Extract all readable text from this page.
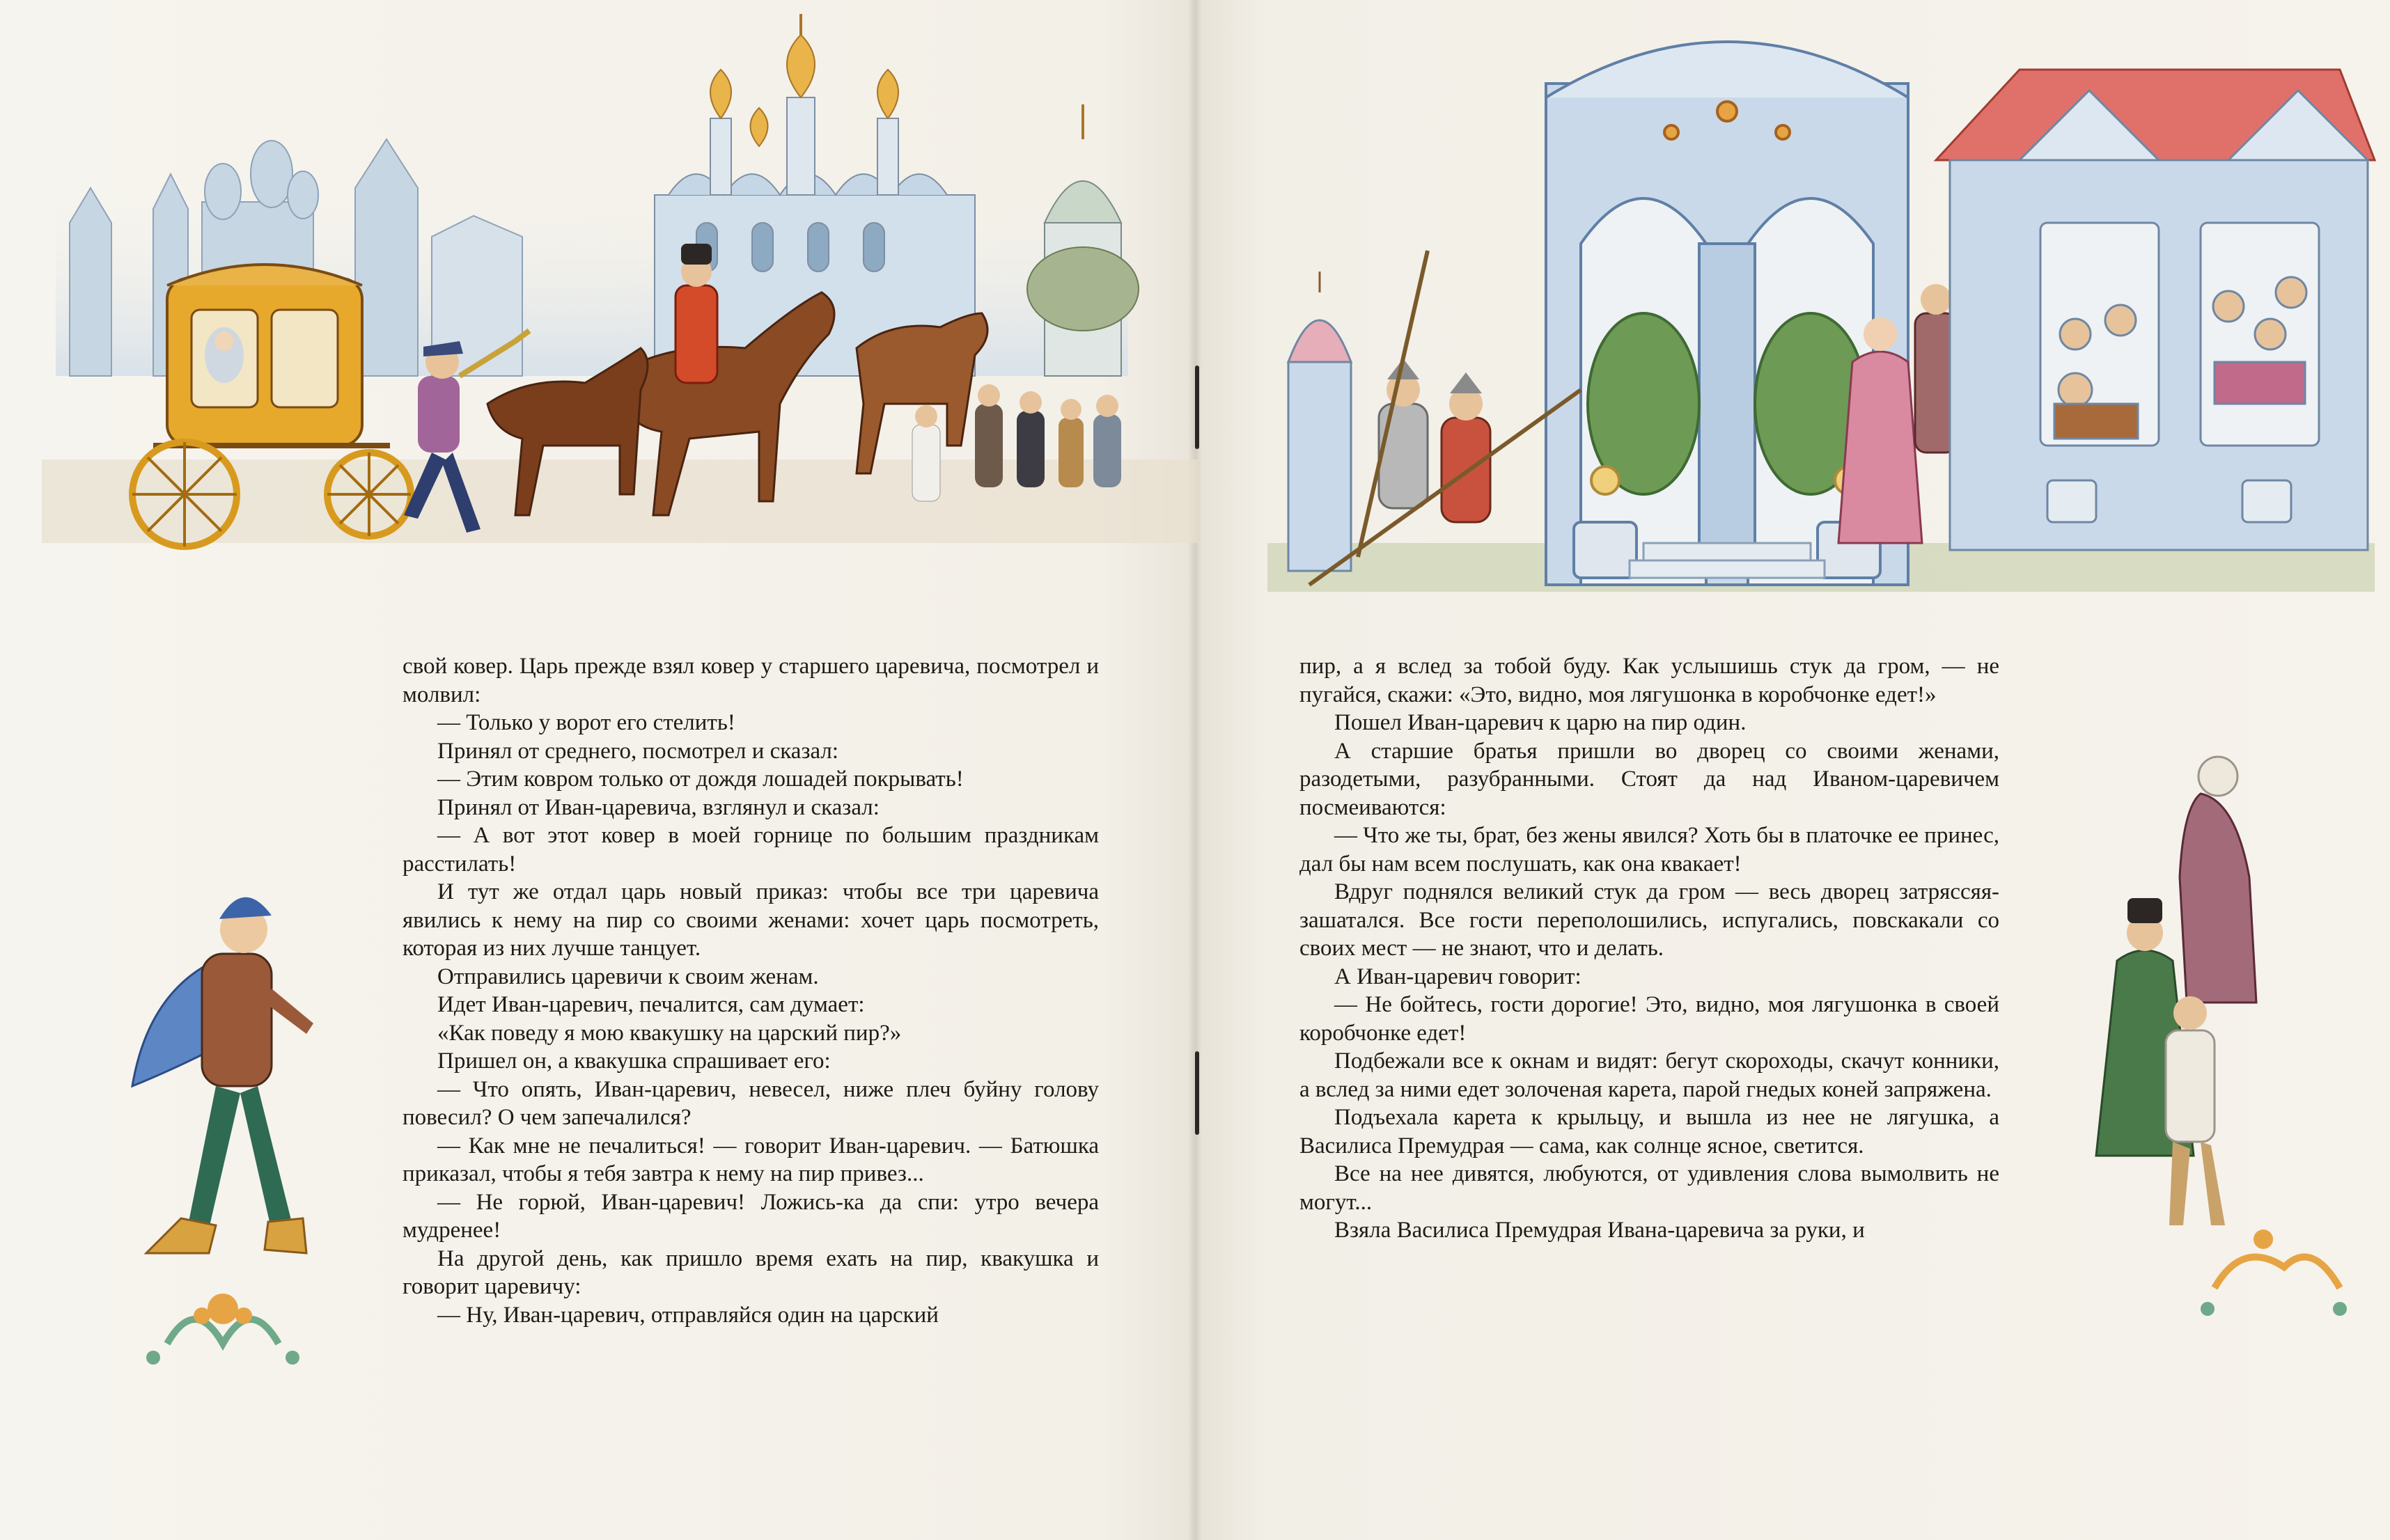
свой ковер. Царь прежде взял ковер у старшего царевича, посмотрел и молвил:

— Только у ворот его стелить!

Принял от среднего, посмотрел и сказал:

— Этим ковром только от дождя лошадей покрывать!

Принял от Иван-царевича, взглянул и сказал:

— А вот этот ковер в моей горнице по большим праздникам расстилать!

И тут же отдал царь новый приказ: чтобы все три царевича явились к нему на пир со своими женами: хочет царь посмотреть, которая из них лучше танцует.

Отправились царевичи к своим женам.

Идет Иван-царевич, печалится, сам думает:

«Как поведу я мою квакушку на царский пир?»

Пришел он, а квакушка спрашивает его:

— Что опять, Иван-царевич, невесел, ниже плеч буйну голову повесил? О чем запечалился?

— Как мне не печалиться! — говорит Иван-царевич. — Батюшка приказал, чтобы я тебя завтра к нему на пир привез...

— Не горюй, Иван-царевич! Ложись-ка да спи: утро вечера мудренее!

На другой день, как пришло время ехать на пир, квакушка и говорит царевичу:

— Ну, Иван-царевич, отправляйся один на царский

пир, а я вслед за тобой буду. Как услышишь стук да гром, — не пугайся, скажи: «Это, видно, моя лягушонка в коробчонке едет!»

Пошел Иван-царевич к царю на пир один.

А старшие братья пришли во дворец со своими женами, разодетыми, разубранными. Стоят да над Иваном-царевичем посмеиваются:

— Что же ты, брат, без жены явился? Хоть бы в платочке ее принес, дал бы нам всем послушать, как она квакает!

Вдруг поднялся великий стук да гром — весь дворец затряссяя-зашатался. Все гости переполошились, испугались, повскакали со своих мест — не знают, что и делать.

А Иван-царевич говорит:

— Не бойтесь, гости дорогие! Это, видно, моя лягушонка в своей коробчонке едет!

Подбежали все к окнам и видят: бегут скороходы, скачут конники, а вслед за ними едет золоченая карета, парой гнедых коней запряжена.

Подъехала карета к крыльцу, и вышла из нее не лягушка, а Василиса Премудрая — сама, как солнце ясное, светится.

Все на нее дивятся, любуются, от удивления слова вымолвить не могут...

Взяла Василиса Премудрая Ивана-царевича за руки, и
